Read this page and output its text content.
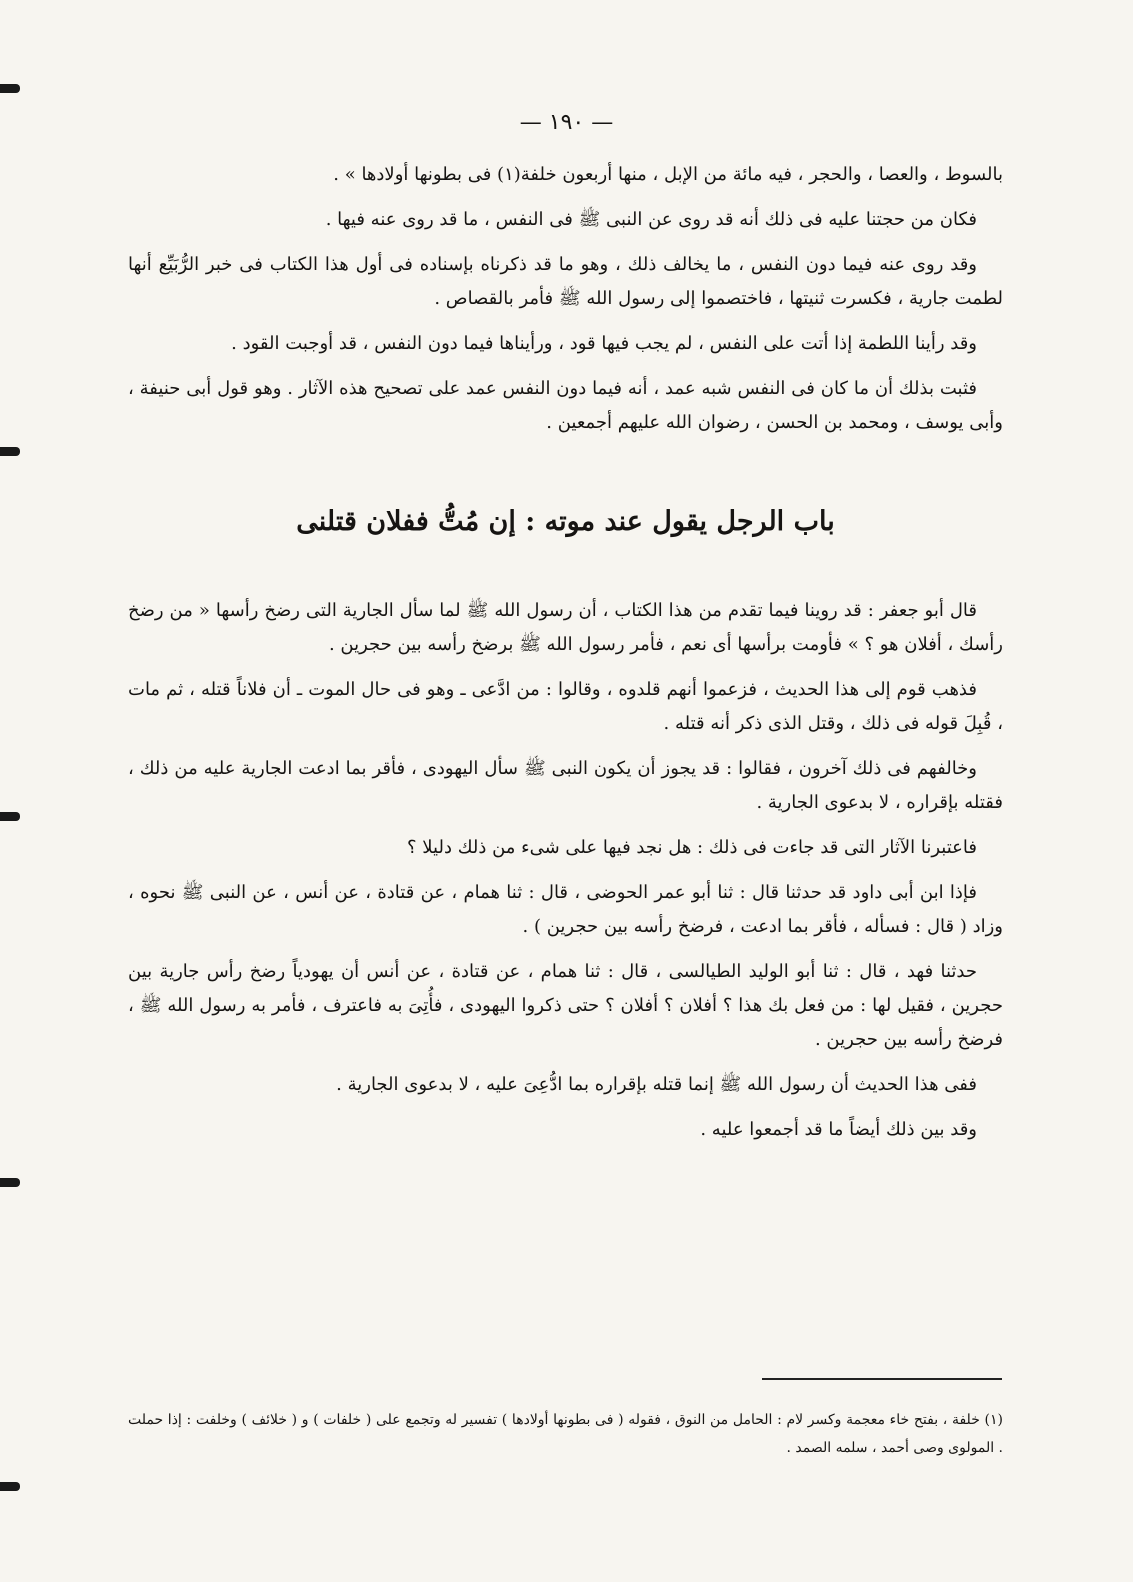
— ١٩٠ —

بالسوط ، والعصا ، والحجر ، فيه مائة من الإبل ، منها أربعون خلفة(١) فى بطونها أولادها » .

فكان من حجتنا عليه فى ذلك أنه قد روى عن النبى ﷺ فى النفس ، ما قد روى عنه فيها .

وقد روى عنه فيما دون النفس ، ما يخالف ذلك ، وهو ما قد ذكرناه بإسناده فى أول هذا الكتاب فى خبر الرُّبَيِّع أنها لطمت جارية ، فكسرت ثنيتها ، فاختصموا إلى رسول الله ﷺ فأمر بالقصاص .

وقد رأينا اللطمة إذا أتت على النفس ، لم يجب فيها قود ، ورأيناها فيما دون النفس ، قد أوجبت القود .

فثبت بذلك أن ما كان فى النفس شبه عمد ، أنه فيما دون النفس عمد على تصحيح هذه الآثار . وهو قول أبى حنيفة ، وأبى يوسف ، ومحمد بن الحسن ، رضوان الله عليهم أجمعين .

باب الرجل يقول عند موته : إن مُتُّ ففلان قتلنى

قال أبو جعفر : قد روينا فيما تقدم من هذا الكتاب ، أن رسول الله ﷺ لما سأل الجارية التى رضخ رأسها « من رضخ رأسك ، أفلان هو ؟ » فأومت برأسها أى نعم ، فأمر رسول الله ﷺ برضخ رأسه بين حجرين .

فذهب قوم إلى هذا الحديث ، فزعموا أنهم قلدوه ، وقالوا : من ادَّعى ـ وهو فى حال الموت ـ أن فلاناً قتله ، ثم مات ، قُبِلَ قوله فى ذلك ، وقتل الذى ذكر أنه قتله .

وخالفهم فى ذلك آخرون ، فقالوا : قد يجوز أن يكون النبى ﷺ سأل اليهودى ، فأقر بما ادعت الجارية عليه من ذلك ، فقتله بإقراره ، لا بدعوى الجارية .

فاعتبرنا الآثار التى قد جاءت فى ذلك : هل نجد فيها على شىء من ذلك دليلا ؟

فإذا ابن أبى داود قد حدثنا قال : ثنا أبو عمر الحوضى ، قال : ثنا همام ، عن قتادة ، عن أنس ، عن النبى ﷺ نحوه ، وزاد ( قال : فسأله ، فأقر بما ادعت ، فرضخ رأسه بين حجرين ) .

حدثنا فهد ، قال : ثنا أبو الوليد الطيالسى ، قال : ثنا همام ، عن قتادة ، عن أنس أن يهودياً رضخ رأس جارية بين حجرين ، فقيل لها : من فعل بك هذا ؟ أفلان ؟ أفلان ؟ حتى ذكروا اليهودى ، فأُتِىَ به فاعترف ، فأمر به رسول الله ﷺ ، فرضخ رأسه بين حجرين .

ففى هذا الحديث أن رسول الله ﷺ إنما قتله بإقراره بما ادُّعِىَ عليه ، لا بدعوى الجارية .

وقد بين ذلك أيضاً ما قد أجمعوا عليه .

(١) خلفة ، بفتح خاء معجمة وكسر لام : الحامل من النوق ، فقوله ( فى بطونها أولادها ) تفسير له وتجمع على ( خلفات ) و ( خلائف ) وخلفت : إذا حملت . المولوى وصى أحمد ، سلمه الصمد .
